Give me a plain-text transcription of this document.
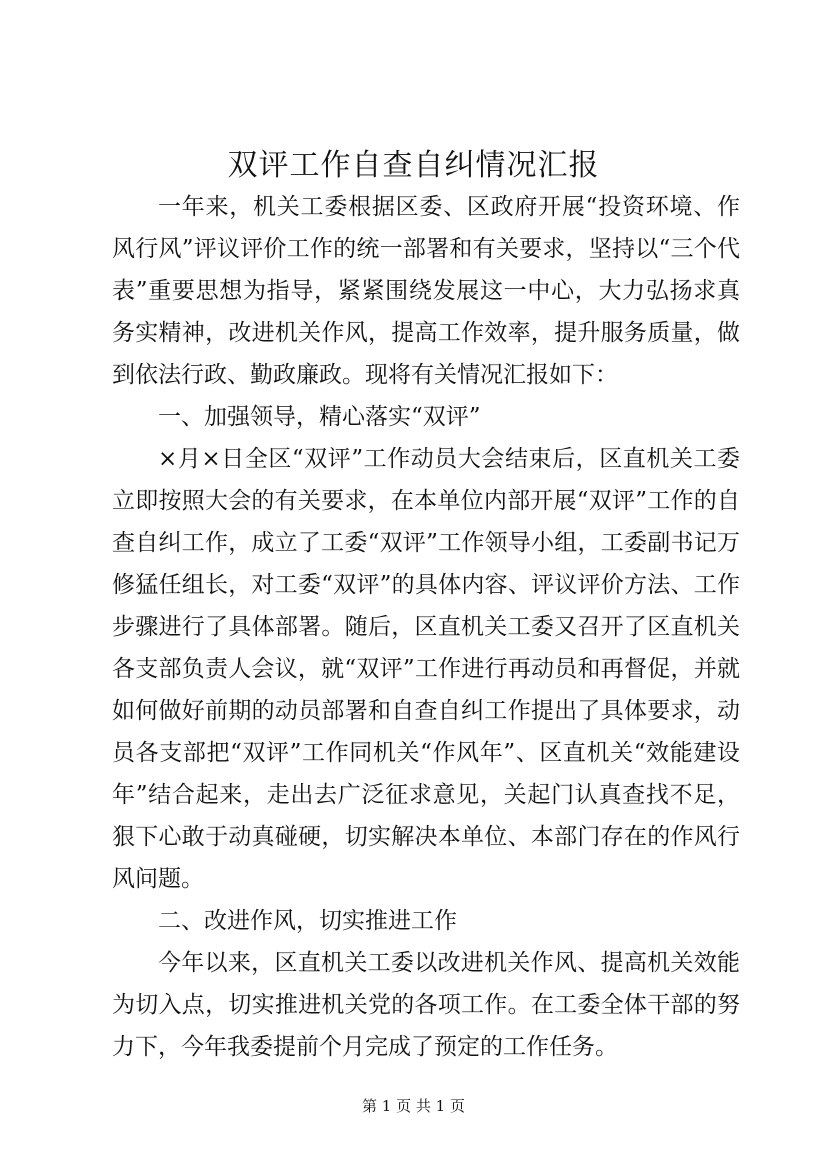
双评工作自查自纠情况汇报

一年来，机关工委根据区委、区政府开展“投资环境、作风行风”评议评价工作的统一部署和有关要求，坚持以“三个代表”重要思想为指导，紧紧围绕发展这一中心，大力弘扬求真务实精神，改进机关作风，提高工作效率，提升服务质量，做到依法行政、勤政廉政。现将有关情况汇报如下：

一、加强领导，精心落实“双评”

×月×日全区“双评”工作动员大会结束后，区直机关工委立即按照大会的有关要求，在本单位内部开展“双评”工作的自查自纠工作，成立了工委“双评”工作领导小组，工委副书记万修猛任组长，对工委“双评”的具体内容、评议评价方法、工作步骤进行了具体部署。随后，区直机关工委又召开了区直机关各支部负责人会议，就“双评”工作进行再动员和再督促，并就如何做好前期的动员部署和自查自纠工作提出了具体要求，动员各支部把“双评”工作同机关“作风年”、区直机关“效能建设年”结合起来，走出去广泛征求意见，关起门认真查找不足，狠下心敢于动真碰硬，切实解决本单位、本部门存在的作风行风问题。

二、改进作风，切实推进工作

今年以来，区直机关工委以改进机关作风、提高机关效能为切入点，切实推进机关党的各项工作。在工委全体干部的努力下，今年我委提前个月完成了预定的工作任务。

第 1 页 共 1 页
